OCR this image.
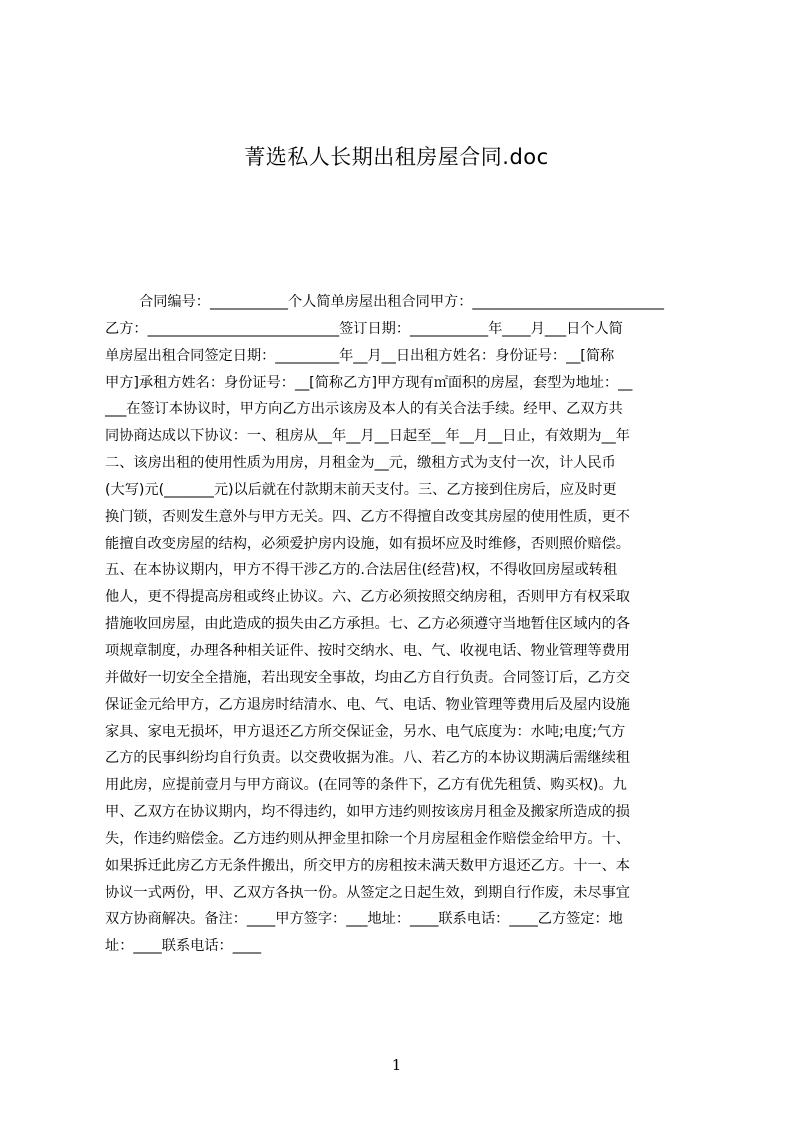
菁选私人长期出租房屋合同.doc
合同编号：___________个人简单房屋出租合同甲方：___________________________
乙方：___________________________签订日期：___________年____月___日个人简
单房屋出租合同签定日期：_________年__月__日出租方姓名：身份证号：__[简称
甲方]承租方姓名：身份证号：__[简称乙方]甲方现有㎡面积的房屋，套型为地址：__
___在签订本协议时，甲方向乙方出示该房及本人的有关合法手续。经甲、乙双方共
同协商达成以下协议：一、租房从__年__月__日起至__年__月__日止，有效期为__年
二、该房出租的使用性质为用房，月租金为__元，缴租方式为支付一次，计人民币
(大写)元(_______元)以后就在付款期末前天支付。三、乙方接到住房后，应及时更
换门锁，否则发生意外与甲方无关。四、乙方不得擅自改变其房屋的使用性质，更不
能擅自改变房屋的结构，必须爱护房内设施，如有损坏应及时维修，否则照价赔偿。
五、在本协议期内，甲方不得干涉乙方的.合法居住(经营)权，不得收回房屋或转租
他人，更不得提高房租或终止协议。六、乙方必须按照交纳房租，否则甲方有权采取
措施收回房屋，由此造成的损失由乙方承担。七、乙方必须遵守当地暂住区域内的各
项规章制度，办理各种相关证件、按时交纳水、电、气、收视电话、物业管理等费用
并做好一切安全全措施，若出现安全事故，均由乙方自行负责。合同签订后，乙方交
保证金元给甲方，乙方退房时结清水、电、气、电话、物业管理等费用后及屋内设施
家具、家电无损坏，甲方退还乙方所交保证金，另水、电气底度为：水吨;电度;气方
乙方的民事纠纷均自行负责。以交费收据为准。八、若乙方的本协议期满后需继续租
用此房，应提前壹月与甲方商议。(在同等的条件下，乙方有优先租赁、购买权)。九
甲、乙双方在协议期内，均不得违约，如甲方违约则按该房月租金及搬家所造成的损
失，作违约赔偿金。乙方违约则从押金里扣除一个月房屋租金作赔偿金给甲方。十、
如果拆迁此房乙方无条件搬出，所交甲方的房租按未满天数甲方退还乙方。十一、本
协议一式两份，甲、乙双方各执一份。从签定之日起生效，到期自行作废，未尽事宜
双方协商解决。备注：____甲方签字：___地址：____联系电话：____乙方签定：地
址：____联系电话：____
1
